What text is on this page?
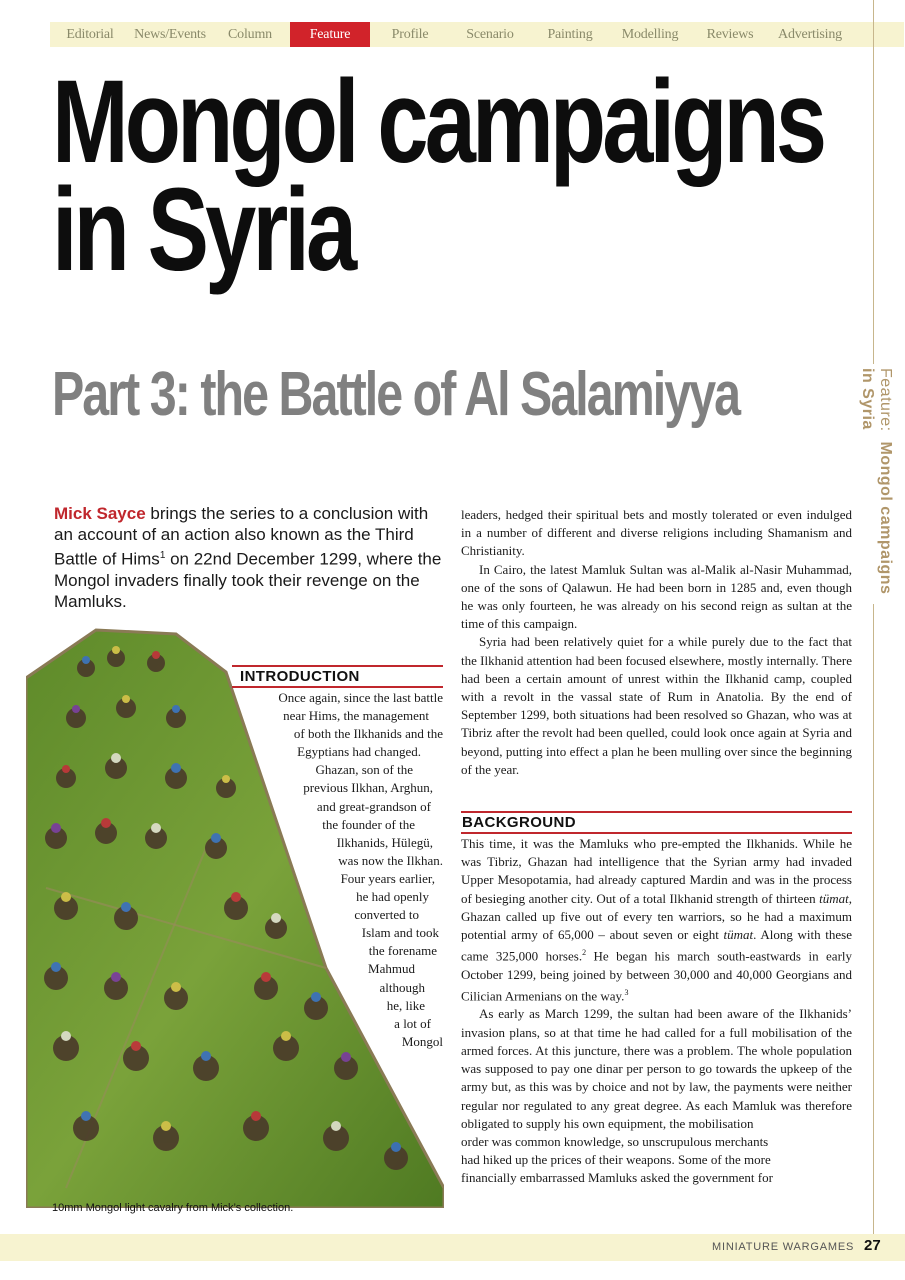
Editorial	News/Events	Column	Feature	Profile	Scenario	Painting	Modelling	Reviews	Advertising
Feature:  Mongol campaigns in Syria
Mongol campaigns
in Syria
Part 3: the Battle of Al Salamiyya
Mick Sayce brings the series to a conclusion with an account of an action also known as the Third Battle of Hims$^1$ on 22nd December 1299, where the Mongol invaders finally took their revenge on the Mamluks.
INTRODUCTION
Once again, since the last battle
near Hims, the management
of both the Ilkhanids and the
Egyptians had changed.
Ghazan, son of the
previous Ilkhan, Arghun,
and great-grandson of
the founder of the
Ilkhanids, Hülegü,
was now the Ilkhan.
Four years earlier,
he had openly
converted to
Islam and took
the forename
Mahmud
although
he, like
a lot of
Mongol

leaders, hedged their spiritual bets and mostly tolerated or even indulged in a number of different and diverse religions including Shamanism and Christianity.

In Cairo, the latest Mamluk Sultan was al-Malik al-Nasir Muhammad, one of the sons of Qalawun. He had been born in 1285 and, even though he was only fourteen, he was already on his second reign as sultan at the time of this campaign.

Syria had been relatively quiet for a while purely due to the fact that the Ilkhanid attention had been focused elsewhere, mostly internally. There had been a certain amount of unrest within the Ilkhanid camp, coupled with a revolt in the vassal state of Rum in Anatolia. By the end of September 1299, both situations had been resolved so Ghazan, who was at Tibriz after the revolt had been quelled, could look once again at Syria and beyond, putting into effect a plan he been mulling over since the beginning of the year.

BACKGROUND

This time, it was the Mamluks who pre-empted the Ilkhanids. While he was Tibriz, Ghazan had intelligence that the Syrian army had invaded Upper Mesopotamia, had already captured Mardin and was in the process of besieging another city. Out of a total Ilkhanid strength of thirteen tümat, Ghazan called up five out of every ten warriors, so he had a maximum potential army of 65,000 – about seven or eight tümat. Along with these came 325,000 horses.$^2$ He began his march south-eastwards in early October 1299, being joined by between 30,000 and 40,000 Georgians and Cilician Armenians on the way.$^3$

As early as March 1299, the sultan had been aware of the Ilkhanids’ invasion plans, so at that time he had called for a full mobilisation of the armed forces. At this juncture, there was a problem. The whole population was supposed to pay one dinar per person to go towards the upkeep of the army but, as this was by choice and not by law, the payments were neither regular nor regulated to any great degree. As each Mamluk was therefore obligated to supply his own equipment, the mobilisation

order was common knowledge, so unscrupulous merchants
had hiked up the prices of their weapons. Some of the more
financially embarrassed Mamluks asked the government for
10mm Mongol light cavalry from Mick’s collection.
MINIATURE WARGAMES 27
